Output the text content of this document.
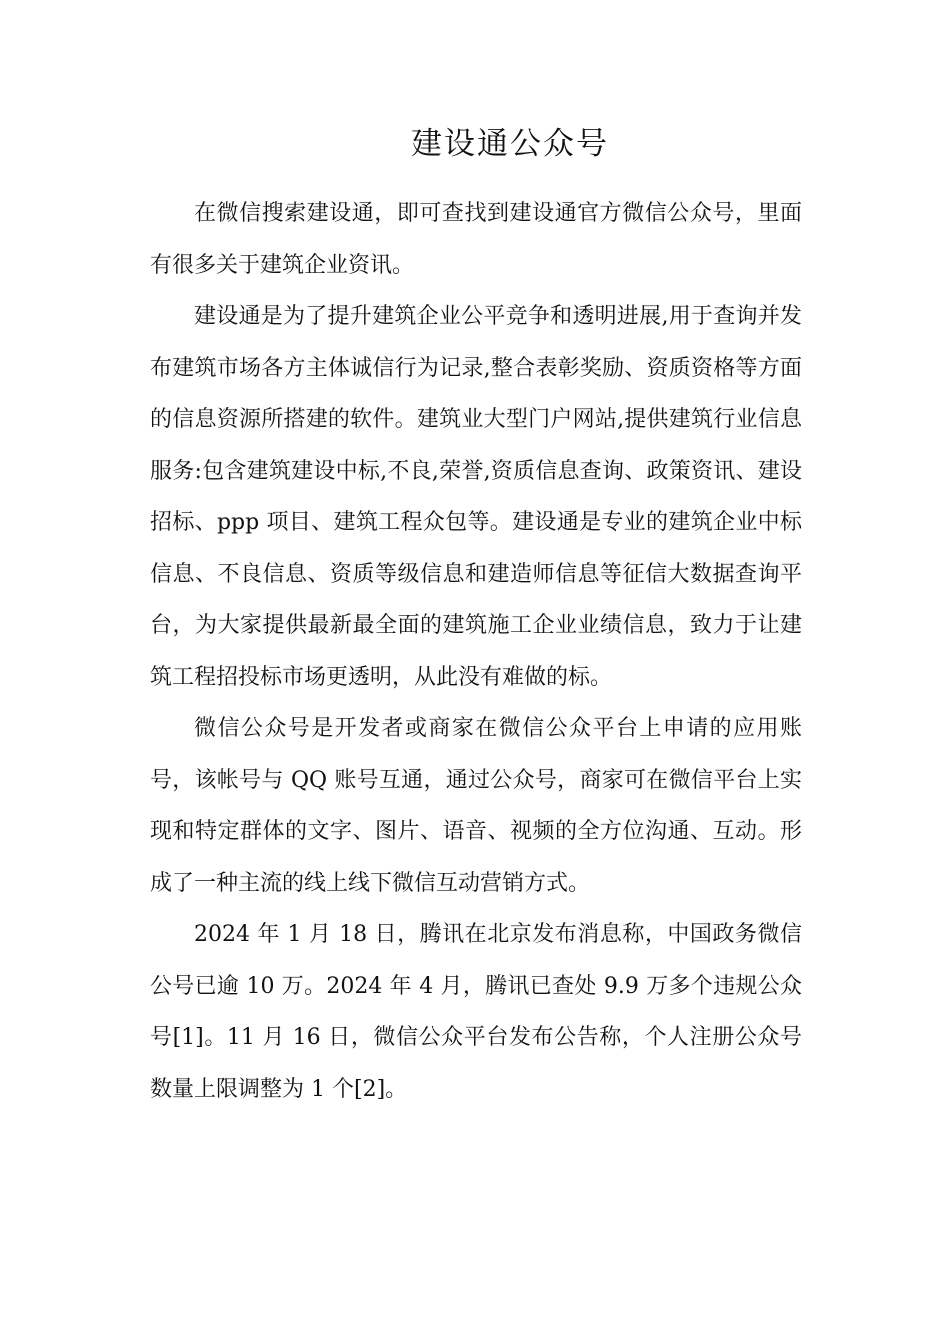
建设通公众号

在微信搜索建设通，即可查找到建设通官方微信公众号，里面有很多关于建筑企业资讯。

建设通是为了提升建筑企业公平竞争和透明进展,用于查询并发布建筑市场各方主体诚信行为记录,整合表彰奖励、资质资格等方面的信息资源所搭建的软件。建筑业大型门户网站,提供建筑行业信息服务:包含建筑建设中标,不良,荣誉,资质信息查询、政策资讯、建设招标、ppp 项目、建筑工程众包等。建设通是专业的建筑企业中标信息、不良信息、资质等级信息和建造师信息等征信大数据查询平台，为大家提供最新最全面的建筑施工企业业绩信息，致力于让建筑工程招投标市场更透明，从此没有难做的标。

微信公众号是开发者或商家在微信公众平台上申请的应用账号，该帐号与 QQ 账号互通，通过公众号，商家可在微信平台上实现和特定群体的文字、图片、语音、视频的全方位沟通、互动。形成了一种主流的线上线下微信互动营销方式。

2024 年 1 月 18 日，腾讯在北京发布消息称，中国政务微信公号已逾 10 万。2024 年 4 月，腾讯已查处 9.9 万多个违规公众号[1]。11 月 16 日，微信公众平台发布公告称，个人注册公众号数量上限调整为 1 个[2]。
